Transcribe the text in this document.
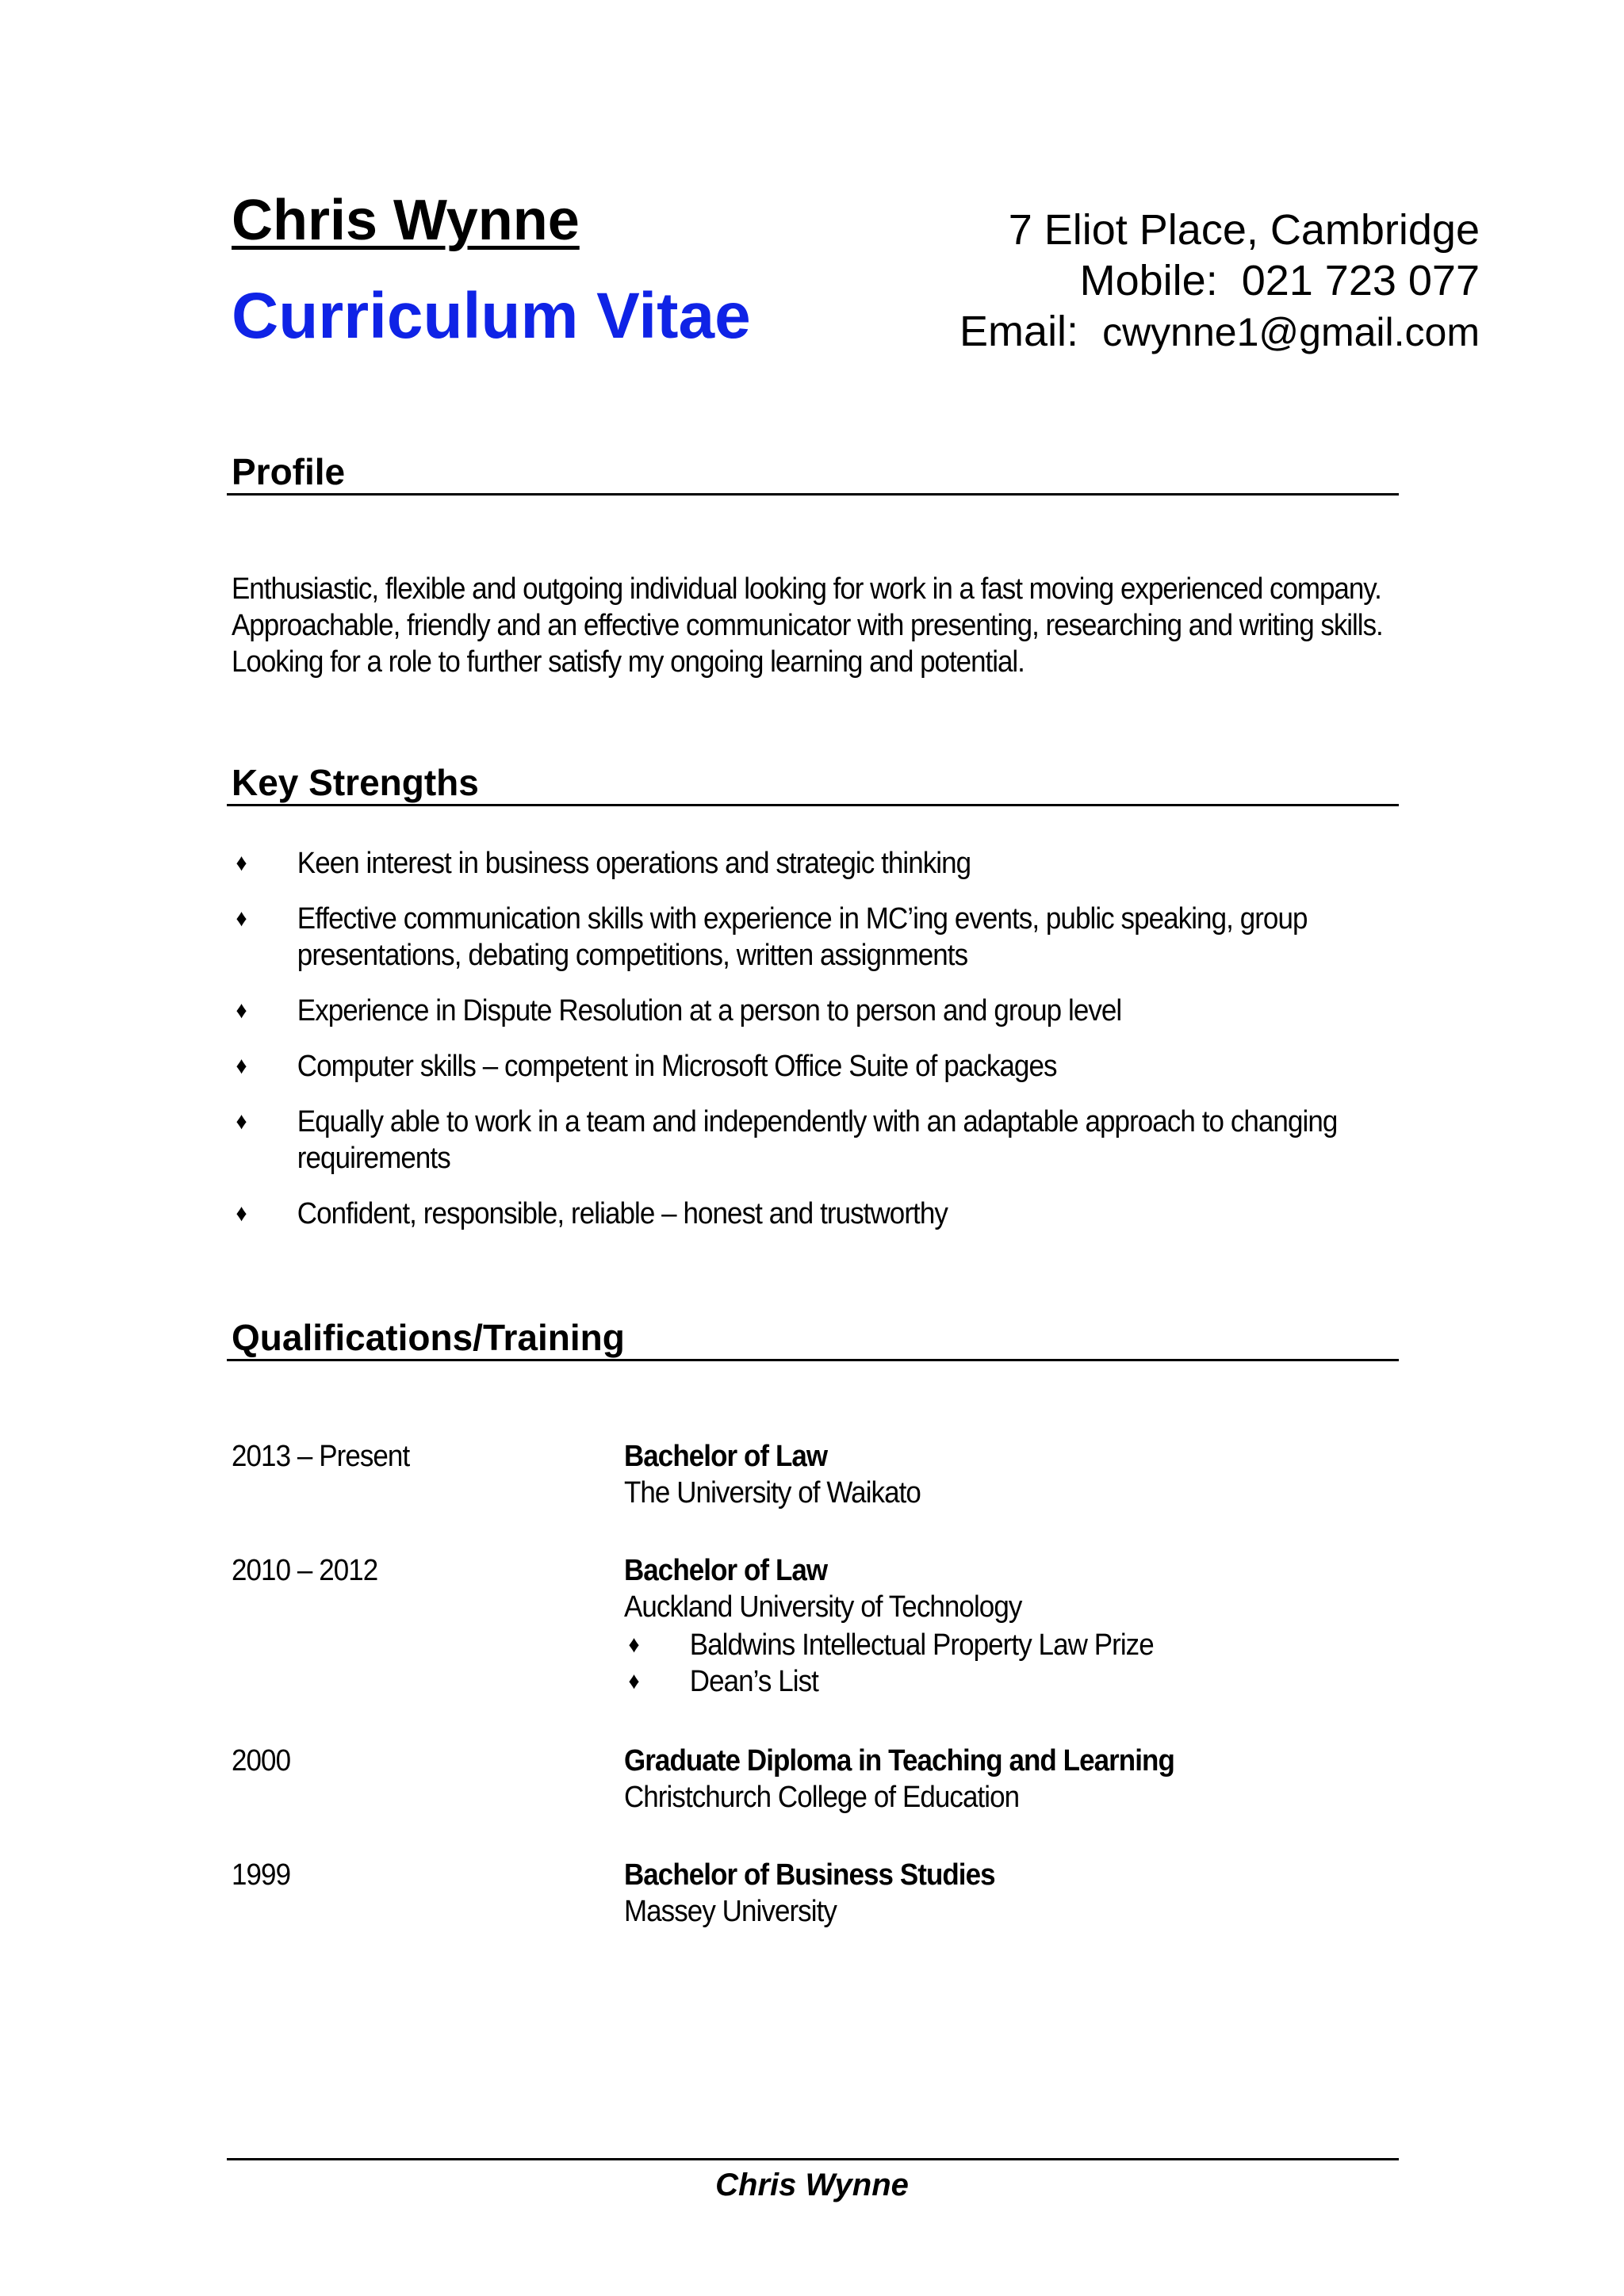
Chris Wynne
Curriculum Vitae
7 Eliot Place, Cambridge
Mobile: 021 723 077
Email: cwynne1@gmail.com
Profile

Enthusiastic, flexible and outgoing individual looking for work in a fast moving experienced company. Approachable, friendly and an effective communicator with presenting, researching and writing skills. Looking for a role to further satisfy my ongoing learning and potential.

Key Strengths
♦ Keen interest in business operations and strategic thinking
♦ Effective communication skills with experience in MC’ing events, public speaking, group presentations, debating competitions, written assignments
♦ Experience in Dispute Resolution at a person to person and group level
♦ Computer skills – competent in Microsoft Office Suite of packages
♦ Equally able to work in a team and independently with an adaptable approach to changing requirements
♦ Confident, responsible, reliable – honest and trustworthy
Qualifications/Training
2013 – Present	Bachelor of Law
The University of Waikato
2010 – 2012	Bachelor of Law
Auckland University of Technology
♦ Baldwins Intellectual Property Law Prize
♦ Dean’s List
2000	Graduate Diploma in Teaching and Learning
Christchurch College of Education
1999	Bachelor of Business Studies
Massey University
Chris Wynne
